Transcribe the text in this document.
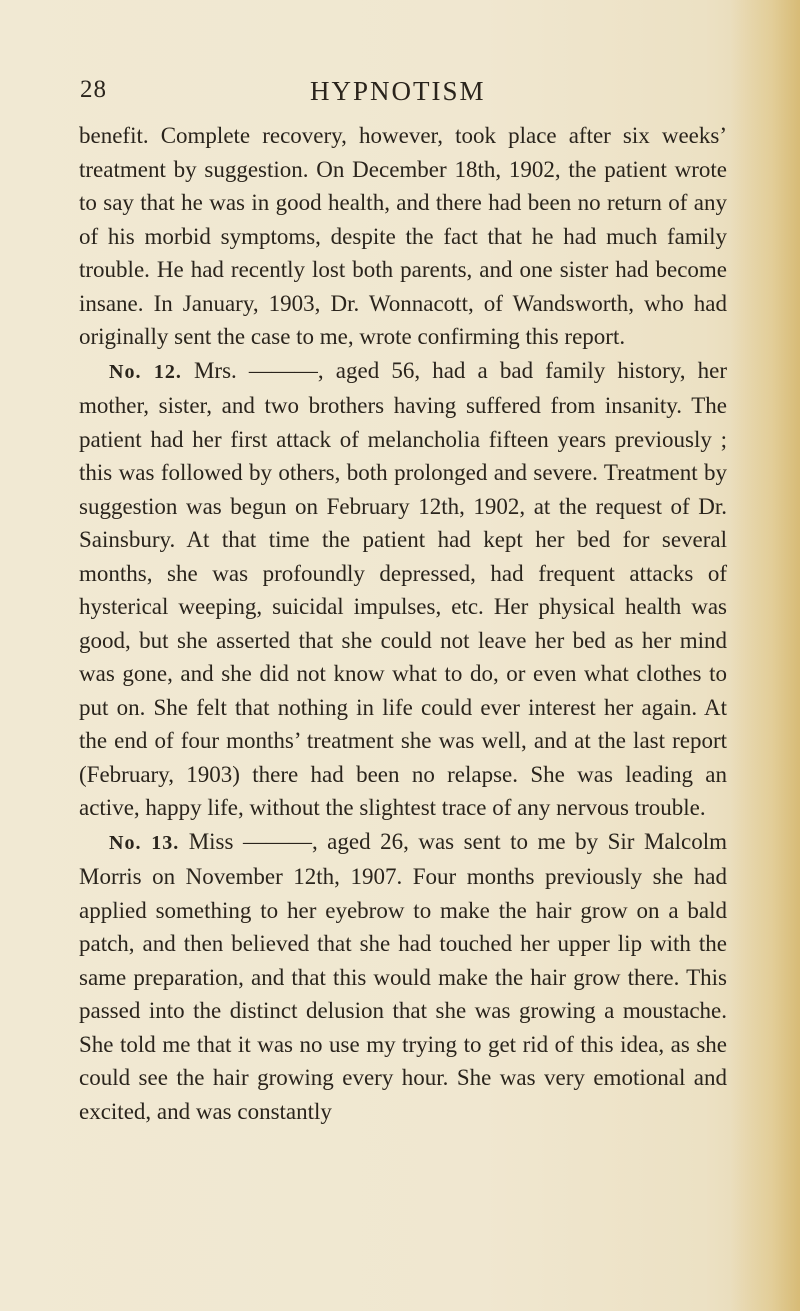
28	HYPNOTISM

benefit. Complete recovery, however, took place after six weeks’ treatment by suggestion. On December 18th, 1902, the patient wrote to say that he was in good health, and there had been no return of any of his morbid symptoms, despite the fact that he had much family trouble. He had recently lost both parents, and one sister had become insane. In January, 1903, Dr. Wonnacott, of Wandsworth, who had originally sent the case to me, wrote confirming this report.

No. 12. Mrs. ———, aged 56, had a bad family history, her mother, sister, and two brothers having suffered from insanity. The patient had her first attack of melancholia fifteen years previously ; this was followed by others, both prolonged and severe. Treatment by suggestion was begun on February 12th, 1902, at the request of Dr. Sainsbury. At that time the patient had kept her bed for several months, she was profoundly depressed, had frequent attacks of hysterical weeping, suicidal impulses, etc. Her physical health was good, but she asserted that she could not leave her bed as her mind was gone, and she did not know what to do, or even what clothes to put on. She felt that nothing in life could ever interest her again. At the end of four months’ treatment she was well, and at the last report (February, 1903) there had been no relapse. She was leading an active, happy life, without the slightest trace of any nervous trouble.

No. 13. Miss ———, aged 26, was sent to me by Sir Malcolm Morris on November 12th, 1907. Four months previously she had applied something to her eyebrow to make the hair grow on a bald patch, and then believed that she had touched her upper lip with the same preparation, and that this would make the hair grow there. This passed into the distinct delusion that she was growing a moustache. She told me that it was no use my trying to get rid of this idea, as she could see the hair growing every hour. She was very emotional and excited, and was constantly
